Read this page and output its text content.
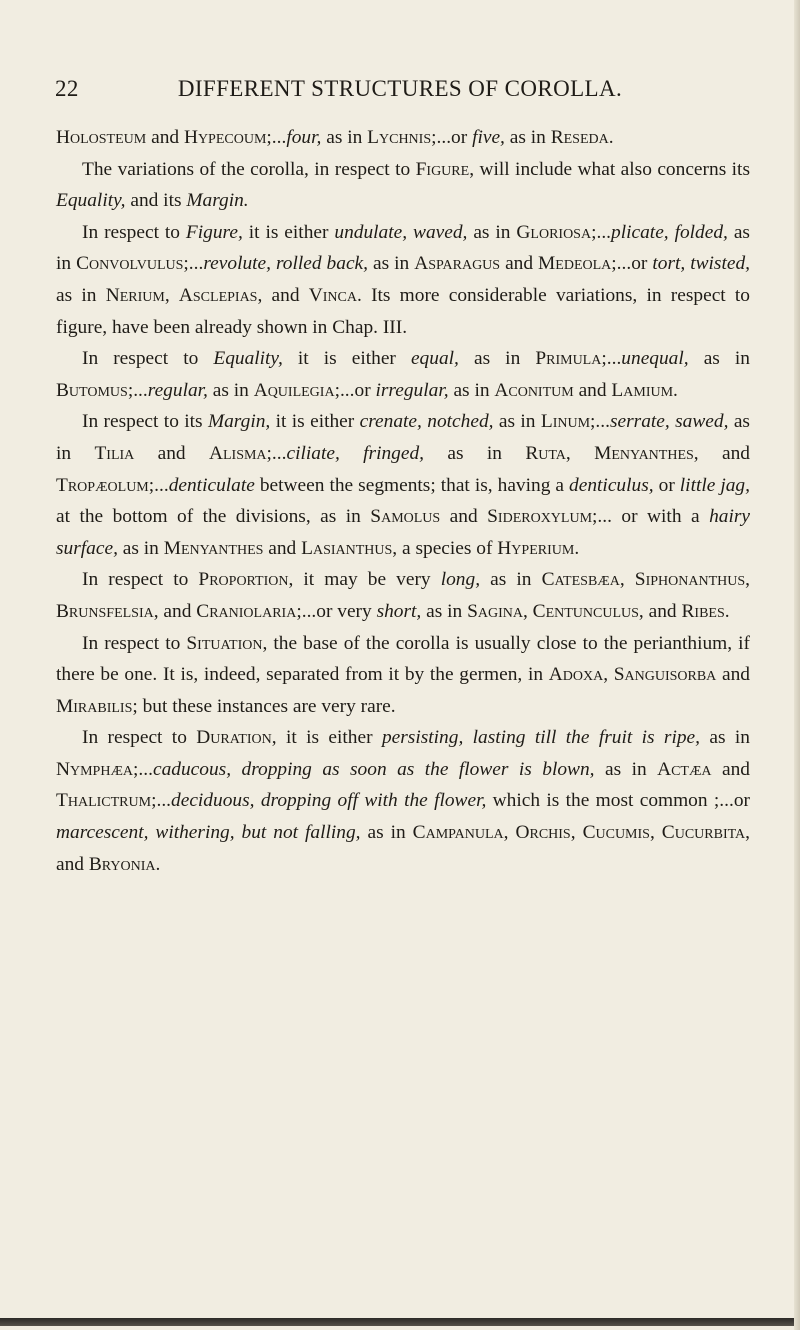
22	DIFFERENT STRUCTURES OF COROLLA.

Holosteum and Hypecoum;...four, as in Lychnis;...or five, as in Reseda.

The variations of the corolla, in respect to Figure, will include what also concerns its Equality, and its Margin.

In respect to Figure, it is either undulate, waved, as in Gloriosa;...plicate, folded, as in Convolvulus;...revolute, rolled back, as in Asparagus and Medeola;...or tort, twisted, as in Nerium, Asclepias, and Vinca. Its more considerable variations, in respect to figure, have been already shown in Chap. III.

In respect to Equality, it is either equal, as in Primula;...unequal, as in Butomus;...regular, as in Aquilegia;...or irregular, as in Aconitum and Lamium.

In respect to its Margin, it is either crenate, notched, as in Linum;...serrate, sawed, as in Tilia and Alisma;...ciliate, fringed, as in Ruta, Menyanthes, and Tropæolum;...denticulate between the segments; that is, having a denticulus, or little jag, at the bottom of the divisions, as in Samolus and Sideroxylum;... or with a hairy surface, as in Menyanthes and Lasianthus, a species of Hyperium.

In respect to Proportion, it may be very long, as in Catesbæa, Siphonanthus, Brunsfelsia, and Craniolaria;...or very short, as in Sagina, Centunculus, and Ribes.

In respect to Situation, the base of the corolla is usually close to the perianthium, if there be one. It is, indeed, separated from it by the germen, in Adoxa, Sanguisorba and Mirabilis; but these instances are very rare.

In respect to Duration, it is either persisting, lasting till the fruit is ripe, as in Nymphæa;...caducous, dropping as soon as the flower is blown, as in Actæa and Thalictrum;...deciduous, dropping off with the flower, which is the most common ;...or marcescent, withering, but not falling, as in Campanula, Orchis, Cucumis, Cucurbita, and Bryonia.
